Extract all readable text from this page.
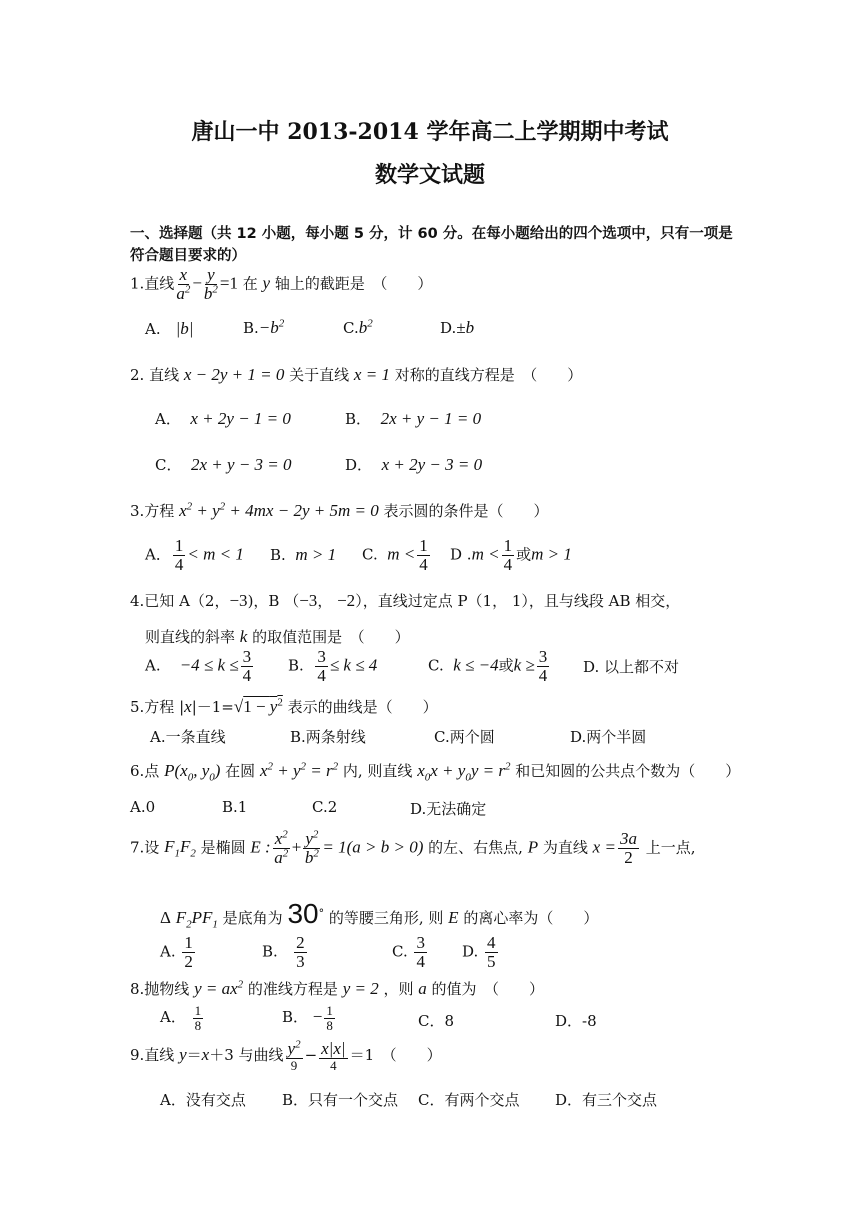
唐山一中 2013-2014 学年高二上学期期中考试
数学文试题
一、选择题（共 12 小题，每小题 5 分，计 60 分。在每小题给出的四个选项中，只有一项是
符合题目要求的）
1.直线 $\frac{x}{a^2} - \frac{y}{b^2} =1$ 在 y 轴上的截距是　（　　）
A.　|b|	$B.-b^2$	$C.b^2$	D.±b
2. 直线 x − 2y + 1 = 0 关于直线 x = 1 对称的直线方程是　（　　）
A．  x + 2y − 1 = 0	B．  2x + y − 1 = 0
C．  2x + y − 3 = 0	D．  x + 2y − 3 = 0
3.方程 $x^2 + y^2 + 4mx - 2y + 5m = 0$ 表示圆的条件是（　　）
A． $\frac{1}{4} < m < 1$ B.  m > 1 C.  $m < \frac{1}{4}$ D $.m < \frac{1}{4}$ 或m > 1
4.已知 A（2，−3)，B （−3， −2），直线过定点 P（1， 1），且与线段 AB 相交，
则直线的斜率 k 的取值范围是　（　　）
A.    $-4 \le k \le \frac{3}{4} B$. $\frac{3}{4} \le k \le 4$	C.  k ≤ −4或$k \ge \frac{3}{4} D$. 以上都不对
5.方程 $|x|-1=√1 - y^2$ 表示的曲线是（　　）
A.一条直线	B.两条射线	C.两个圆	D.两个半圆
6.点 $P(x_0$, $y_0$) 在圆 $x^2 + y^2 = r^2$ 内, 则直线 $x_0x + y_0y = r^2$ 和已知圆的公共点个数为（　　）
A.0	B.1	C.2	D.无法确定
7.设 $F_1F_2$ 是椭圆 E : $\frac{x^2}{a^2} + \frac{y^2}{b^2} = 1(a > b > 0)$ 的左、右焦点, P 为直线 $x = \frac{3a}{2}$ 上一点,
Δ $F_2PF_1$ 是底角为 30° 的等腰三角形, 则 E 的离心率为（　　）
A. $\frac{1}{2}$	B. $\frac{2}{3}$	C. $\frac{3}{4} D$. $\frac{4}{5}$
8.抛物线 $y = ax^2$ 的准线方程是 y = 2 ，则 a 的值为　（　　）
A． $\frac{1}{8}$	B． − $\frac{1}{8}$	C．8	D．-8
9.直线 y＝x＋3 与曲线 $\frac{y^2}{9} - \frac{x|x|}{4} =1$　（　　）
A．没有交点 B．只有一个交点 C．有两个交点 D．有三个交点
